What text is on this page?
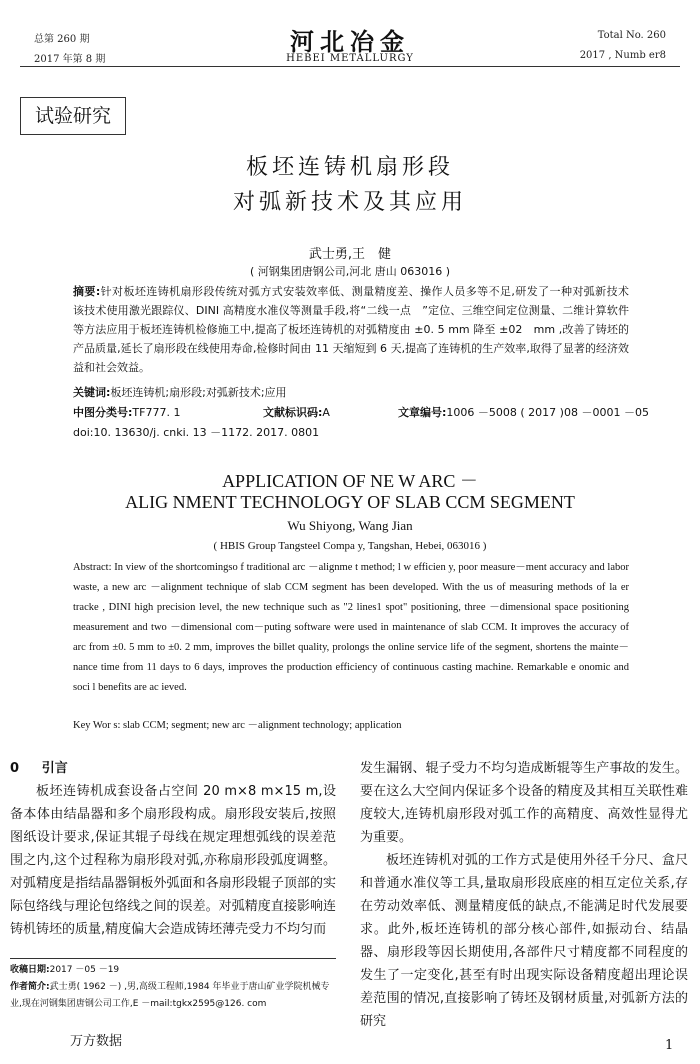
总第 260 期
2017 年第 8 期
河北冶金
HEBEI METALLURGY
Total No. 260
2017 , Numb er8
试验研究
板坯连铸机扇形段
对弧新技术及其应用
武士勇,王　健
( 河钢集团唐钢公司,河北 唐山 063016 )
摘要:针对板坯连铸机扇形段传统对弧方式安装效率低、测量精度差、操作人员多等不足,研发了一种对弧新技术　该技术使用激光跟踪仪、DINI 高精度水准仪等测量手段,将“二线一点　”定位、三维空间定位测量、二维计算软件等方法应用于板坯连铸机检修施工中,提高了板坯连铸机的对弧精度由 ±0. 5 mm 降至 ±02　mm ,改善了铸坯的产品质量,延长了扇形段在线使用寿命,检修时间由 11 天缩短到 6 天,提高了连铸机的生产效率,取得了显著的经济效益和社会效益。
关键词:板坯连铸机;扇形段;对弧新技术;应用
中图分类号:TF777. 1	文献标识码:A	文章编号:1006 －5008 ( 2017 )08 －0001 －05
doi:10. 13630/j. cnki. 13 －1172. 2017. 0801
APPLICATION OF NE W ARC －
ALIG NMENT TECHNOLOGY OF SLAB CCM SEGMENT
Wu Shiyong, Wang Jian
( HBIS Group Tangsteel Compa y, Tangshan, Hebei, 063016 )
Abstract: In view of the shortcomingso f traditional arc －alignme t method; l w efficien y, poor measure－ment accuracy and labor waste, a new arc －alignment technique of slab CCM segment has been developed. With the us of measuring methods of la er tracke , DINI high precision level, the new technique such as "2 lines1 spot" positioning, three －dimensional space positioning measurement and two －dimensional com－puting software were used in maintenance of slab CCM. It improves the accuracy of arc from ±0. 5 mm to ±0. 2 mm, improves the billet quality, prolongs the online service life of the segment, shortens the mainte－nance time from 11 days to 6 days, improves the production efficiency of continuous casting machine. Remarkable e onomic and soci l benefits are ac ieved.
Key Wor s: slab CCM; segment; new arc －alignment technology; application
0 引言

板坯连铸机成套设备占空间 20 m×8 m×15 m,设备本体由结晶器和多个扇形段构成。扇形段安装后,按照图纸设计要求,保证其辊子母线在规定理想弧线的误差范围之内,这个过程称为扇形段对弧,亦称扇形段弧度调整。对弧精度是指结晶器铜板外弧面和各扇形段辊子顶部的实际包络线与理论包络线之间的误差。对弧精度直接影响连铸机铸坯的质量,精度偏大会造成铸坯薄壳受力不均匀而

收稿日期:2017 －05 －19
作者简介:武士勇( 1962 －) ,男,高级工程师,1984 年毕业于唐山矿业学院机械专业,现在河钢集团唐钢公司工作,E －mail:tgkx2595@126. com
发生漏钢、辊子受力不均匀造成断辊等生产事故的发生。要在这么大空间内保证多个设备的精度及其相互关联性难度较大,连铸机扇形段对弧工作的高精度、高效性显得尤为重要。

板坯连铸机对弧的工作方式是使用外径千分尺、盒尺和普通水准仪等工具,量取扇形段底座的相互定位关系,存在劳动效率低、测量精度低的缺点,不能满足时代发展要求。此外,板坯连铸机的部分核心部件,如振动台、结晶器、扇形段等因长期使用,各部件尺寸精度都不同程度的发生了一定变化,甚至有时出现实际设备精度超出理论误差范围的情况,直接影响了铸坯及钢材质量,对弧新方法的研究

万方数据	1
